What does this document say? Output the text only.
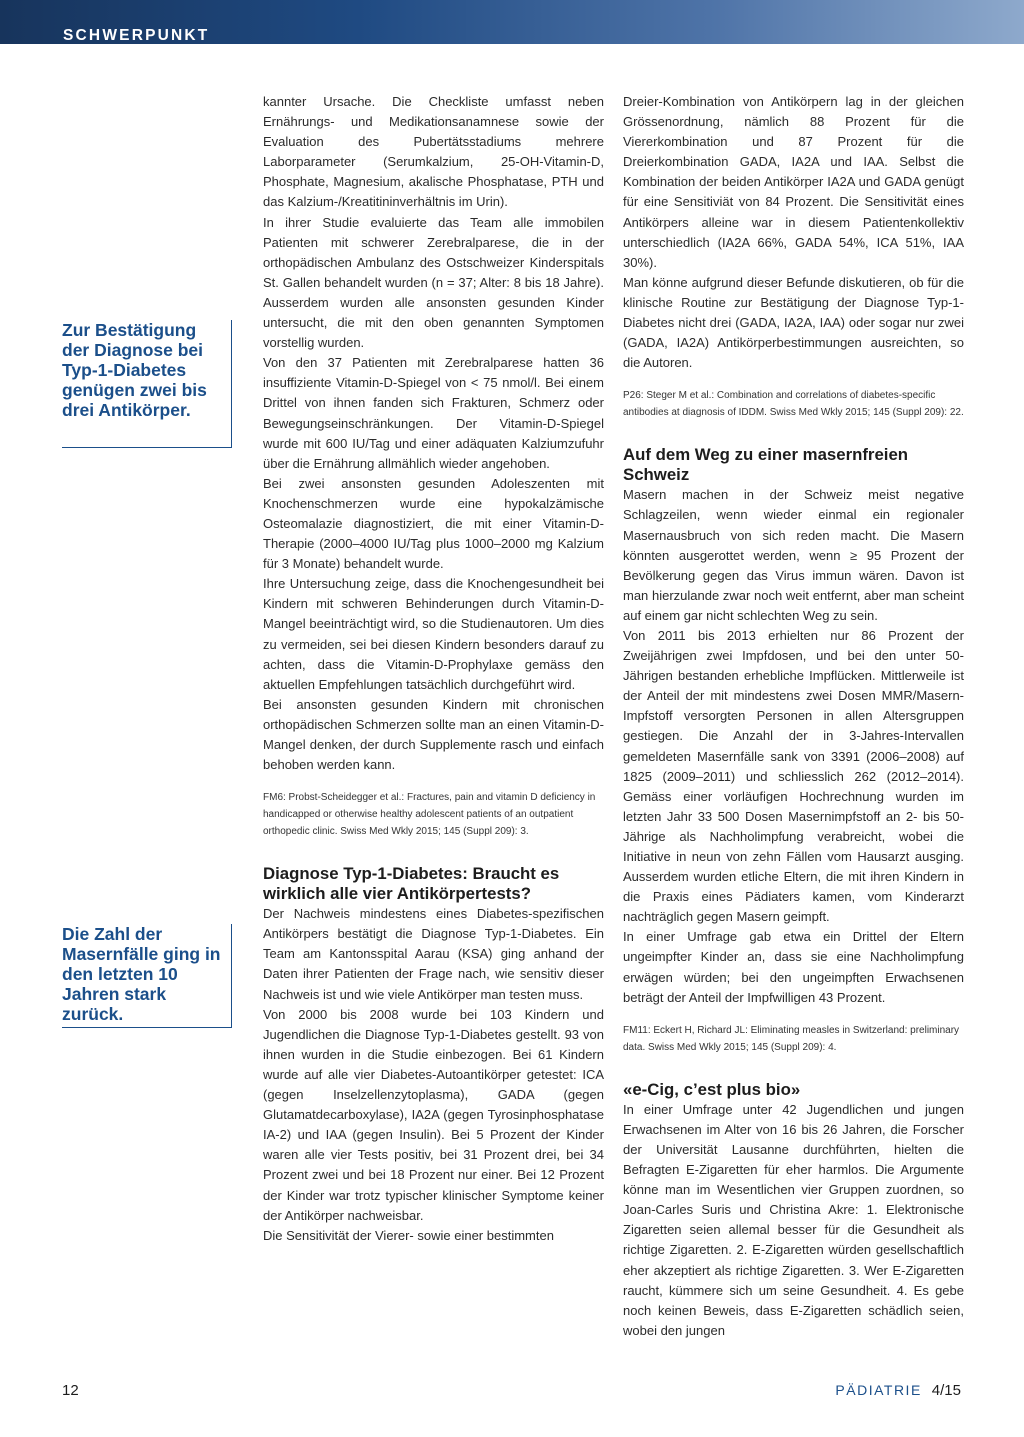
SCHWERPUNKT
Zur Bestätigung der Diagnose bei Typ-1-Diabetes genügen zwei bis drei Antikörper.
Die Zahl der Masernfälle ging in den letzten 10 Jahren stark zurück.

kannter Ursache. Die Checkliste umfasst neben Ernährungs- und Medikationsanamnese sowie der Evaluation des Pubertätsstadiums mehrere Laborparameter (Serumkalzium, 25-OH-Vitamin-D, Phosphate, Magnesium, akalische Phosphatase, PTH und das Kalzium-/Kreatitininverhältnis im Urin).

In ihrer Studie evaluierte das Team alle immobilen Patienten mit schwerer Zerebralparese, die in der orthopädischen Ambulanz des Ostschweizer Kinderspitals St. Gallen behandelt wurden (n = 37; Alter: 8 bis 18 Jahre). Ausserdem wurden alle ansonsten gesunden Kinder untersucht, die mit den oben genannten Symptomen vorstellig wurden.

Von den 37 Patienten mit Zerebralparese hatten 36 insuffiziente Vitamin-D-Spiegel von < 75 nmol/l. Bei einem Drittel von ihnen fanden sich Frakturen, Schmerz oder Bewegungseinschränkungen. Der Vitamin-D-Spiegel wurde mit 600 IU/Tag und einer adäquaten Kalziumzufuhr über die Ernährung allmählich wieder angehoben.

Bei zwei ansonsten gesunden Adoleszenten mit Knochenschmerzen wurde eine hypokalzämische Osteomalazie diagnostiziert, die mit einer Vitamin-D-Therapie (2000–4000 IU/Tag plus 1000–2000 mg Kalzium für 3 Monate) behandelt wurde.

Ihre Untersuchung zeige, dass die Knochengesundheit bei Kindern mit schweren Behinderungen durch Vitamin-D-Mangel beeinträchtigt wird, so die Studienautoren. Um dies zu vermeiden, sei bei diesen Kindern besonders darauf zu achten, dass die Vitamin-D-Prophylaxe gemäss den aktuellen Empfehlungen tatsächlich durchgeführt wird.

Bei ansonsten gesunden Kindern mit chronischen orthopädischen Schmerzen sollte man an einen Vitamin-D-Mangel denken, der durch Supplemente rasch und einfach behoben werden kann.

FM6: Probst-Scheidegger et al.: Fractures, pain and vitamin D deficiency in handicapped or otherwise healthy adolescent patients of an outpatient orthopedic clinic. Swiss Med Wkly 2015; 145 (Suppl 209): 3.

Diagnose Typ-1-Diabetes: Braucht es wirklich alle vier Antikörpertests?

Der Nachweis mindestens eines Diabetes-spezifischen Antikörpers bestätigt die Diagnose Typ-1-Diabetes. Ein Team am Kantonsspital Aarau (KSA) ging anhand der Daten ihrer Patienten der Frage nach, wie sensitiv dieser Nachweis ist und wie viele Antikörper man testen muss.

Von 2000 bis 2008 wurde bei 103 Kindern und Jugendlichen die Diagnose Typ-1-Diabetes gestellt. 93 von ihnen wurden in die Studie einbezogen. Bei 61 Kindern wurde auf alle vier Diabetes-Autoantikörper getestet: ICA (gegen Inselzellenzytoplasma), GADA (gegen Glutamatdecarboxylase), IA2A (gegen Tyrosinphosphatase IA-2) und IAA (gegen Insulin). Bei 5 Prozent der Kinder waren alle vier Tests positiv, bei 31 Prozent drei, bei 34 Prozent zwei und bei 18 Prozent nur einer. Bei 12 Prozent der Kinder war trotz typischer klinischer Symptome keiner der Antikörper nachweisbar.

Die Sensitivität der Vierer- sowie einer bestimmten

Dreier-Kombination von Antikörpern lag in der gleichen Grössenordnung, nämlich 88 Prozent für die Viererkombination und 87 Prozent für die Dreierkombination GADA, IA2A und IAA. Selbst die Kombination der beiden Antikörper IA2A und GADA genügt für eine Sensitiviät von 84 Prozent. Die Sensitivität eines Antikörpers alleine war in diesem Patientenkollektiv unterschiedlich (IA2A 66%, GADA 54%, ICA 51%, IAA 30%).

Man könne aufgrund dieser Befunde diskutieren, ob für die klinische Routine zur Bestätigung der Diagnose Typ-1-Diabetes nicht drei (GADA, IA2A, IAA) oder sogar nur zwei (GADA, IA2A) Antikörperbestimmungen ausreichten, so die Autoren.

P26: Steger M et al.: Combination and correlations of diabetes-specific antibodies at diagnosis of IDDM. Swiss Med Wkly 2015; 145 (Suppl 209): 22.

Auf dem Weg zu einer masernfreien Schweiz

Masern machen in der Schweiz meist negative Schlagzeilen, wenn wieder einmal ein regionaler Masernausbruch von sich reden macht. Die Masern könnten ausgerottet werden, wenn ≥ 95 Prozent der Bevölkerung gegen das Virus immun wären. Davon ist man hierzulande zwar noch weit entfernt, aber man scheint auf einem gar nicht schlechten Weg zu sein.

Von 2011 bis 2013 erhielten nur 86 Prozent der Zweijährigen zwei Impfdosen, und bei den unter 50-Jährigen bestanden erhebliche Impflücken. Mittlerweile ist der Anteil der mit mindestens zwei Dosen MMR/Masern-Impfstoff versorgten Personen in allen Altersgruppen gestiegen. Die Anzahl der in 3-Jahres-Intervallen gemeldeten Masernfälle sank von 3391 (2006–2008) auf 1825 (2009–2011) und schliesslich 262 (2012–2014). Gemäss einer vorläufigen Hochrechnung wurden im letzten Jahr 33 500 Dosen Masernimpfstoff an 2- bis 50-Jährige als Nachholimpfung verabreicht, wobei die Initiative in neun von zehn Fällen vom Hausarzt ausging. Ausserdem wurden etliche Eltern, die mit ihren Kindern in die Praxis eines Pädiaters kamen, vom Kinderarzt nachträglich gegen Masern geimpft.

In einer Umfrage gab etwa ein Drittel der Eltern ungeimpfter Kinder an, dass sie eine Nachholimpfung erwägen würden; bei den ungeimpften Erwachsenen beträgt der Anteil der Impfwilligen 43 Prozent.

FM11: Eckert H, Richard JL: Eliminating measles in Switzerland: preliminary data. Swiss Med Wkly 2015; 145 (Suppl 209): 4.

«e-Cig, c’est plus bio»

In einer Umfrage unter 42 Jugendlichen und jungen Erwachsenen im Alter von 16 bis 26 Jahren, die Forscher der Universität Lausanne durchführten, hielten die Befragten E-Zigaretten für eher harmlos. Die Argumente könne man im Wesentlichen vier Gruppen zuordnen, so Joan-Carles Suris und Christina Akre: 1. Elektronische Zigaretten seien allemal besser für die Gesundheit als richtige Zigaretten. 2. E-Zigaretten würden gesellschaftlich eher akzeptiert als richtige Zigaretten. 3. Wer E-Zigaretten raucht, kümmere sich um seine Gesundheit. 4. Es gebe noch keinen Beweis, dass E-Zigaretten schädlich seien, wobei den jungen

12	PÄDIATRIE 4/15
